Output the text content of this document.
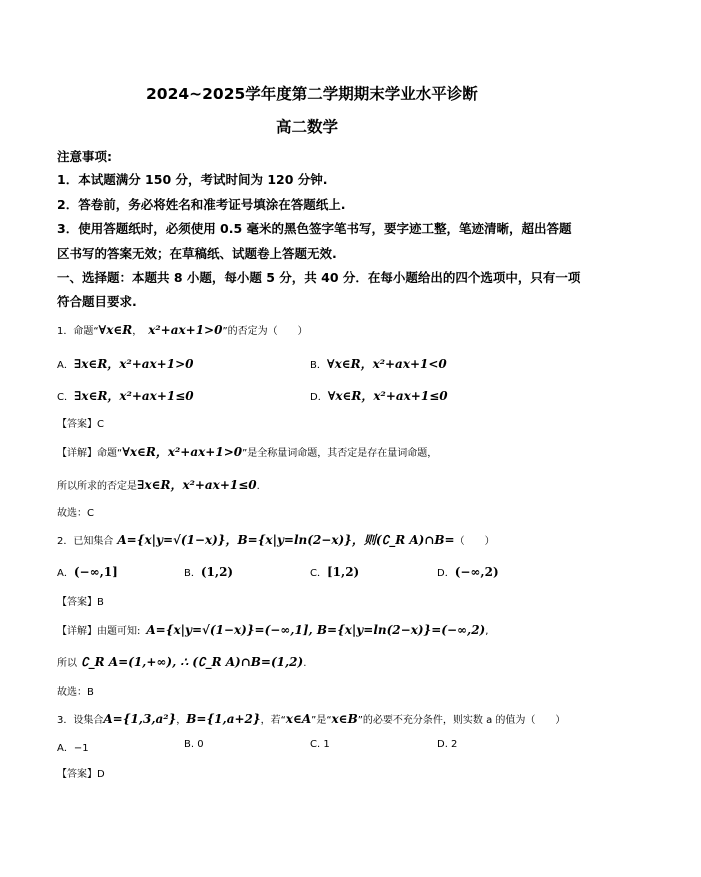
2024~2025学年度第二学期期末学业水平诊断
高二数学
注意事项:
1．本试题满分 150 分，考试时间为 120 分钟.
2．答卷前，务必将姓名和准考证号填涂在答题纸上.
3．使用答题纸时，必须使用 0.5 毫米的黑色签字笔书写，要字迹工整，笔迹清晰，超出答题
区书写的答案无效；在草稿纸、试题卷上答题无效.
一、选择题：本题共 8 小题，每小题 5 分，共 40 分．在每小题给出的四个选项中，只有一项
符合题目要求.
1．命题“∀x∈R， x²+ax+1>0”的否定为（　　）
A．∃x∈R，x²+ax+1>0	B．∀x∈R，x²+ax+1<0
C．∃x∈R，x²+ax+1≤0	D．∀x∈R，x²+ax+1≤0
【答案】C
【详解】命题“∀x∈R，x²+ax+1>0”是全称量词命题，其否定是存在量词命题，
所以所求的否定是∃x∈R，x²+ax+1≤0.
故选：C
2．已知集合 A={x|y=√(1−x)}，B={x|y=ln(2−x)}，则(∁_R A)∩B=（　　）
A．(−∞,1]	B．(1,2)	C．[1,2)	D．(−∞,2)
【答案】B
【详解】由题可知: A={x|y=√(1−x)}=(−∞,1], B={x|y=ln(2−x)}=(−∞,2),
所以 ∁_R A=(1,+∞), ∴ (∁_R A)∩B=(1,2).
故选：B
3．设集合A={1,3,a²}，B={1,a+2}，若“x∈A”是“x∈B”的必要不充分条件，则实数 a 的值为（　　）
A．−1	B. 0	C. 1	D. 2
【答案】D
